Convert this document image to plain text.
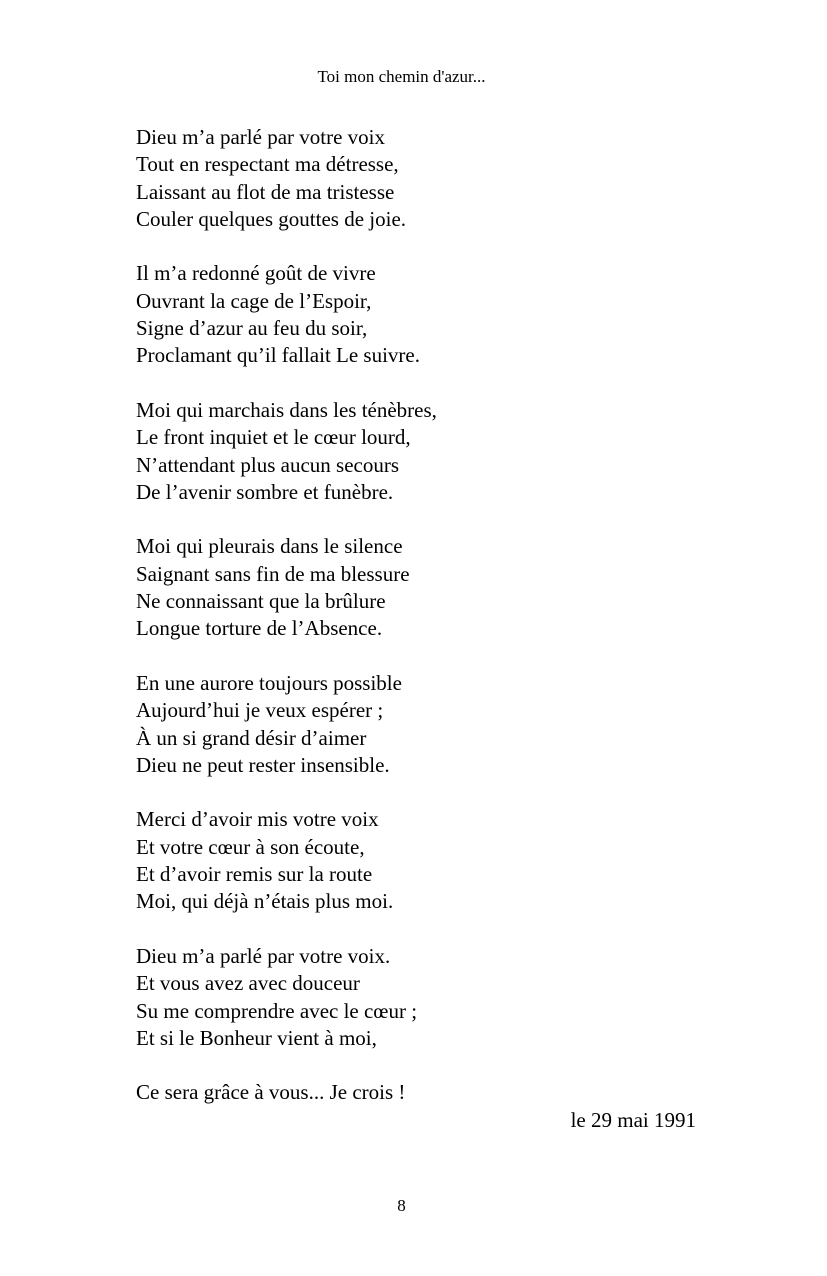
Toi mon chemin d'azur...
Dieu m’a parlé par votre voix
Tout en respectant ma détresse,
Laissant au flot de ma tristesse
Couler quelques gouttes de joie.
Il m’a redonné goût de vivre
Ouvrant la cage de l’Espoir,
Signe d’azur au feu du soir,
Proclamant qu’il fallait Le suivre.
Moi qui marchais dans les ténèbres,
Le front inquiet et le cœur lourd,
N’attendant plus aucun secours
De l’avenir sombre et funèbre.
Moi qui pleurais dans le silence
Saignant sans fin de ma blessure
Ne connaissant que la brûlure
Longue torture de l’Absence.
En une aurore toujours possible
Aujourd’hui je veux espérer ;
À un si grand désir d’aimer
Dieu ne peut rester insensible.
Merci d’avoir mis votre voix
Et votre cœur à son écoute,
Et d’avoir remis sur la route
Moi, qui déjà n’étais plus moi.
Dieu m’a parlé par votre voix.
Et vous avez avec douceur
Su me comprendre avec le cœur ;
Et si le Bonheur vient à moi,
Ce sera grâce à vous... Je crois !
le 29 mai 1991
8
